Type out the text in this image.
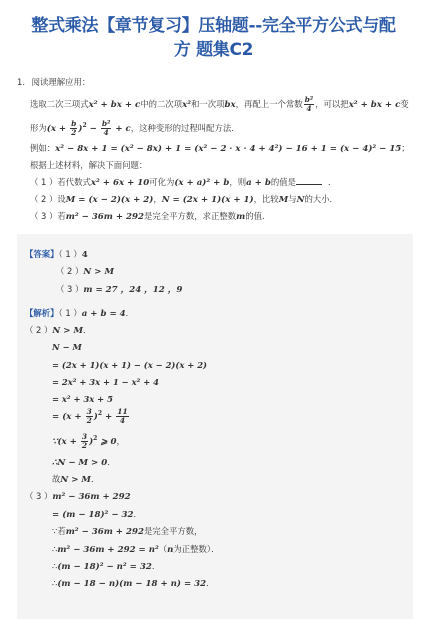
整式乘法【章节复习】压轴题--完全平方公式与配
方 题集C2
1. 阅读理解应用：
选取二次三项式x² + bx + c中的二次项x²和一次项bx，再配上一个常数 $\frac{\text{b²}}{4}$ ，可以把x² + bx + c变
形为$(x + \frac{b}{2} )^2 - \frac{\text{b²}}{4} + c$，这种变形的过程叫配方法．
例如：x² − 8x + 1 = (x² − 8x) + 1 = (x² − 2 · x · 4 + 4²) − 16 + 1 = (x − 4)² − 15；
根据上述材料，解决下面问题：
（ 1 ）若代数式x² + 6x + 10可化为(x + a)² + b，则a + b的值是	．
（ 2 ）设M = (x − 2)(x + 2)，N = (2x + 1)(x + 1)，比较M与N的大小．
（ 3 ）若m² − 36m + 292是完全平方数，求正整数m的值．
【答案】（ 1 ）4
（ 2 ）N > M
（ 3 ）m = 27 ，24 ，12 ，9
【解析】（ 1 ）a + b = 4．
（ 2 ）N > M．
N − M
= (2x + 1)(x + 1) − (x − 2)(x + 2)
= 2x² + 3x + 1 − x² + 4
= x² + 3x + 5
= $(x + \frac{3}{2} )^2 + \frac{11}{4}$
∵(x + $\frac{3}{2} )^2$ ⩾ 0，
∴N − M > 0．
故N > M．
（ 3 ）m² − 36m + 292
= (m − 18)² − 32．
∵若m² − 36m + 292是完全平方数，
∴m² − 36m + 292 = n²（n为正整数）．
∴(m − 18)² − n² = 32．
∴(m − 18 − n)(m − 18 + n) = 32．
